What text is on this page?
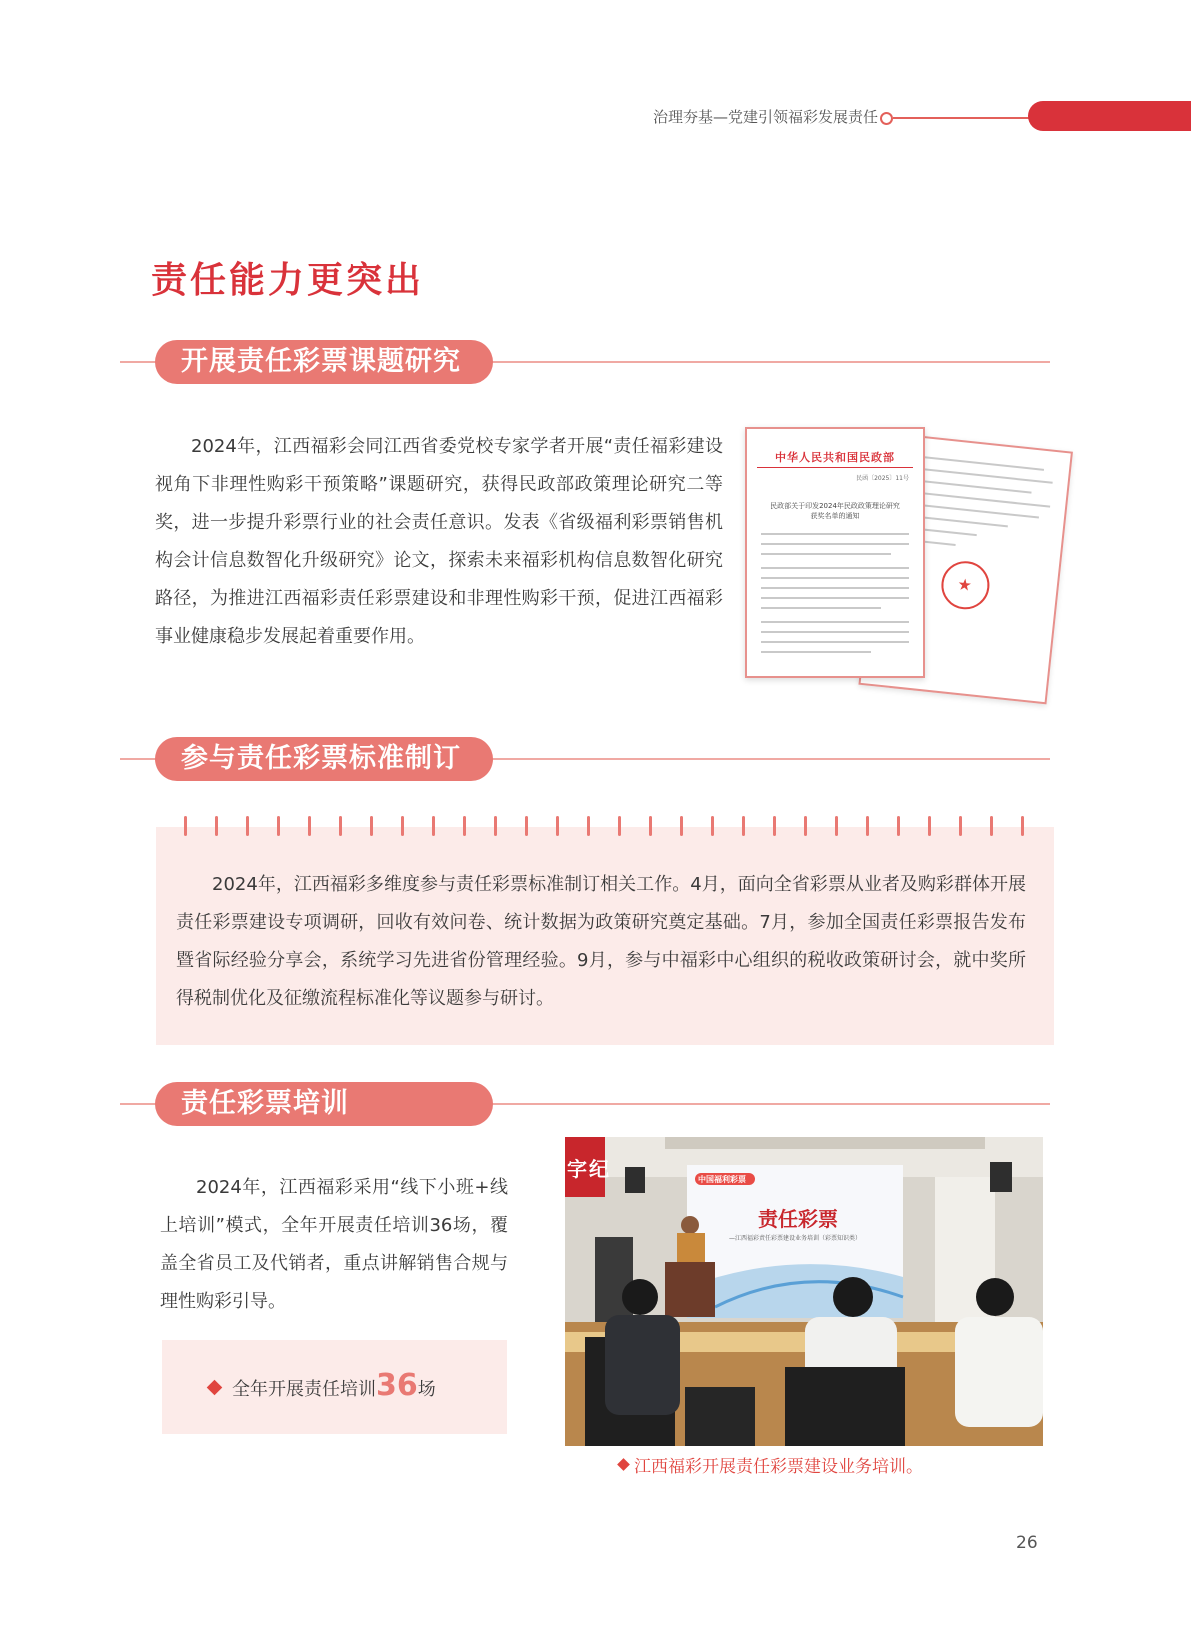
治理夯基—党建引领福彩发展责任
责任能力更突出
开展责任彩票课题研究
2024年，江西福彩会同江西省委党校专家学者开展“责任福彩建设视角下非理性购彩干预策略”课题研究，获得民政部政策理论研究二等奖，进一步提升彩票行业的社会责任意识。发表《省级福利彩票销售机构会计信息数智化升级研究》论文，探索未来福彩机构信息数智化研究路径，为推进江西福彩责任彩票建设和非理性购彩干预，促进江西福彩事业健康稳步发展起着重要作用。
★
中华人民共和国民政部
民函〔2025〕11号
民政部关于印发2024年民政政策理论研究获奖名单的通知
参与责任彩票标准制订
2024年，江西福彩多维度参与责任彩票标准制订相关工作。4月，面向全省彩票从业者及购彩群体开展责任彩票建设专项调研，回收有效问卷、统计数据为政策研究奠定基础。7月，参加全国责任彩票报告发布暨省际经验分享会，系统学习先进省份管理经验。9月，参与中福彩中心组织的税收政策研讨会，就中奖所得税制优化及征缴流程标准化等议题参与研讨。
责任彩票培训
2024年，江西福彩采用“线下小班+线上培训”模式，全年开展责任培训36场，覆盖全省员工及代销者，重点讲解销售合规与理性购彩引导。
全年开展责任培训36场
中国福利彩票
责任彩票
—江西福彩责任彩票建设业务培训（彩票知识类）
字纪
江西福彩开展责任彩票建设业务培训。
26
